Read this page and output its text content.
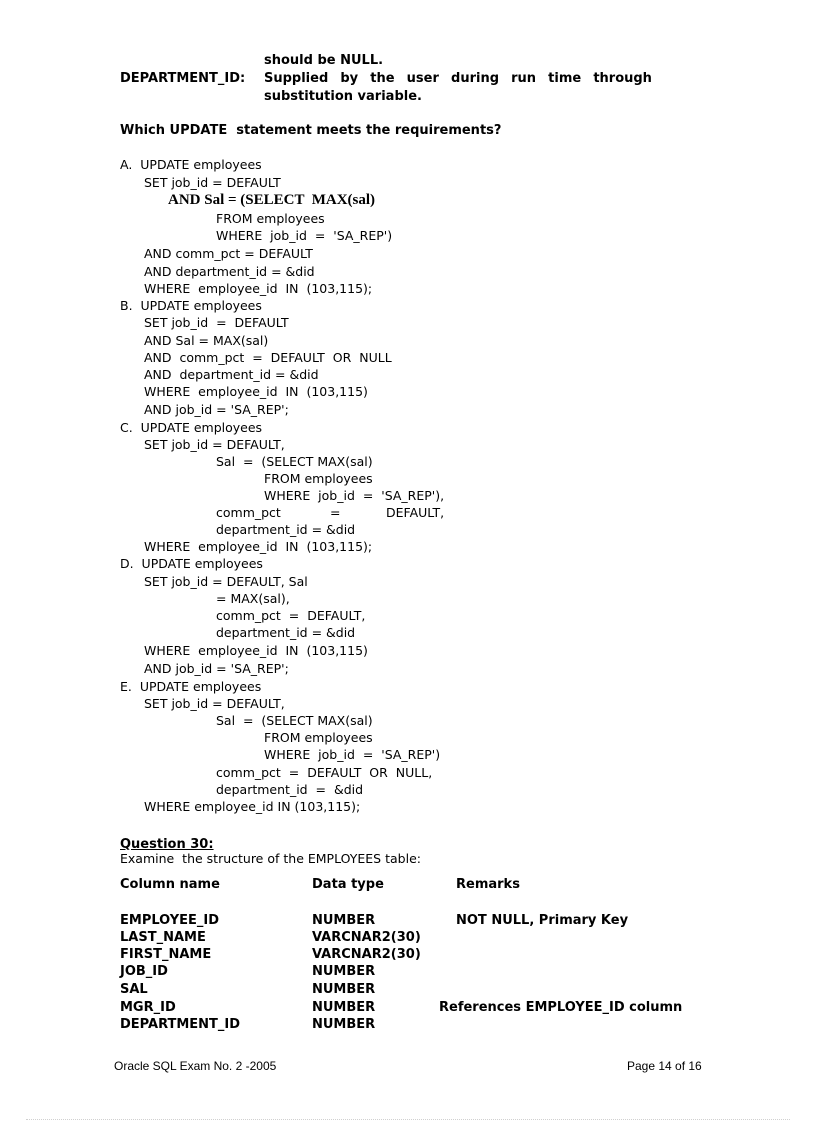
should be NULL.
DEPARTMENT_ID: Supplied by the user during run time through
substitution variable.
Which UPDATE  statement meets the requirements?
A.  UPDATE employees
SET job_id = DEFAULT
AND Sal = (SELECT  MAX(sal)
FROM employees
WHERE  job_id  =  'SA_REP')
AND comm_pct = DEFAULT
AND department_id = &did
WHERE  employee_id  IN  (103,115);
B.  UPDATE employees
SET job_id  =  DEFAULT
AND Sal = MAX(sal)
AND  comm_pct  =  DEFAULT  OR  NULL
AND  department_id = &did
WHERE  employee_id  IN  (103,115)
AND job_id = 'SA_REP';
C.  UPDATE employees
SET job_id = DEFAULT,
Sal  =  (SELECT MAX(sal)
FROM employees
WHERE  job_id  =  'SA_REP'),
comm_pct	=	DEFAULT,
department_id = &did
WHERE  employee_id  IN  (103,115);
D.  UPDATE employees
SET job_id = DEFAULT, Sal
= MAX(sal),
comm_pct  =  DEFAULT,
department_id = &did
WHERE  employee_id  IN  (103,115)
AND job_id = 'SA_REP';
E.  UPDATE employees
SET job_id = DEFAULT,
Sal  =  (SELECT MAX(sal)
FROM employees
WHERE  job_id  =  'SA_REP')
comm_pct  =  DEFAULT  OR  NULL,
department_id  =  &did
WHERE employee_id IN (103,115);
Question 30:
Examine  the structure of the EMPLOYEES table:
Column name	Data type	Remarks
EMPLOYEE_ID	NUMBER	NOT NULL, Primary Key
LAST_NAME	VARCNAR2(30)
FIRST_NAME	VARCNAR2(30)
JOB_ID	NUMBER
SAL	NUMBER
MGR_ID	NUMBER	References EMPLOYEE_ID column
DEPARTMENT_ID	NUMBER
Oracle SQL Exam No. 2 -2005	Page 14 of 16
